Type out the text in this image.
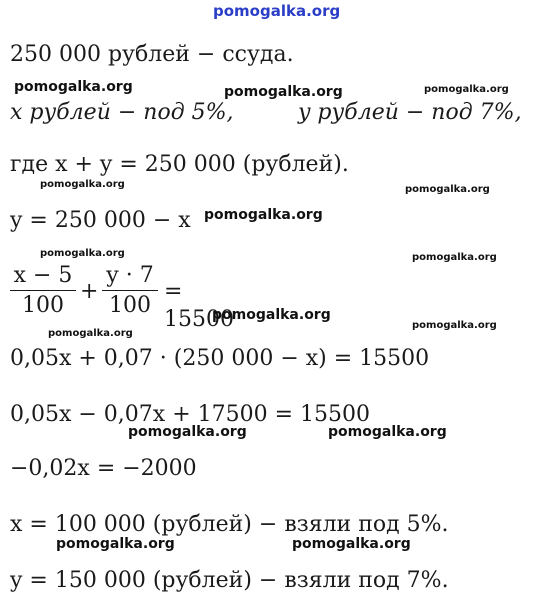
pomogalka.org
250 000 рублей − ссуда.
x рублей − под 5%,	y рублей − под 7%,
где x + y = 250 000 (рублей).
y = 250 000 − x
x − 5
100
+
y · 7
100
= 15500
0,05x + 0,07 · (250 000 − x) = 15500
0,05x − 0,07x + 17500 = 15500
−0,02x = −2000
x = 100 000 (рублей) − взяли под 5%.
y = 150 000 (рублей) − взяли под 7%.
pomogalka.org	pomogalka.org	pomogalka.org
pomogalka.org	pomogalka.org
pomogalka.org
pomogalka.org	pomogalka.org
pomogalka.org
pomogalka.org
pomogalka.org
pomogalka.org	pomogalka.org
pomogalka.org	pomogalka.org
